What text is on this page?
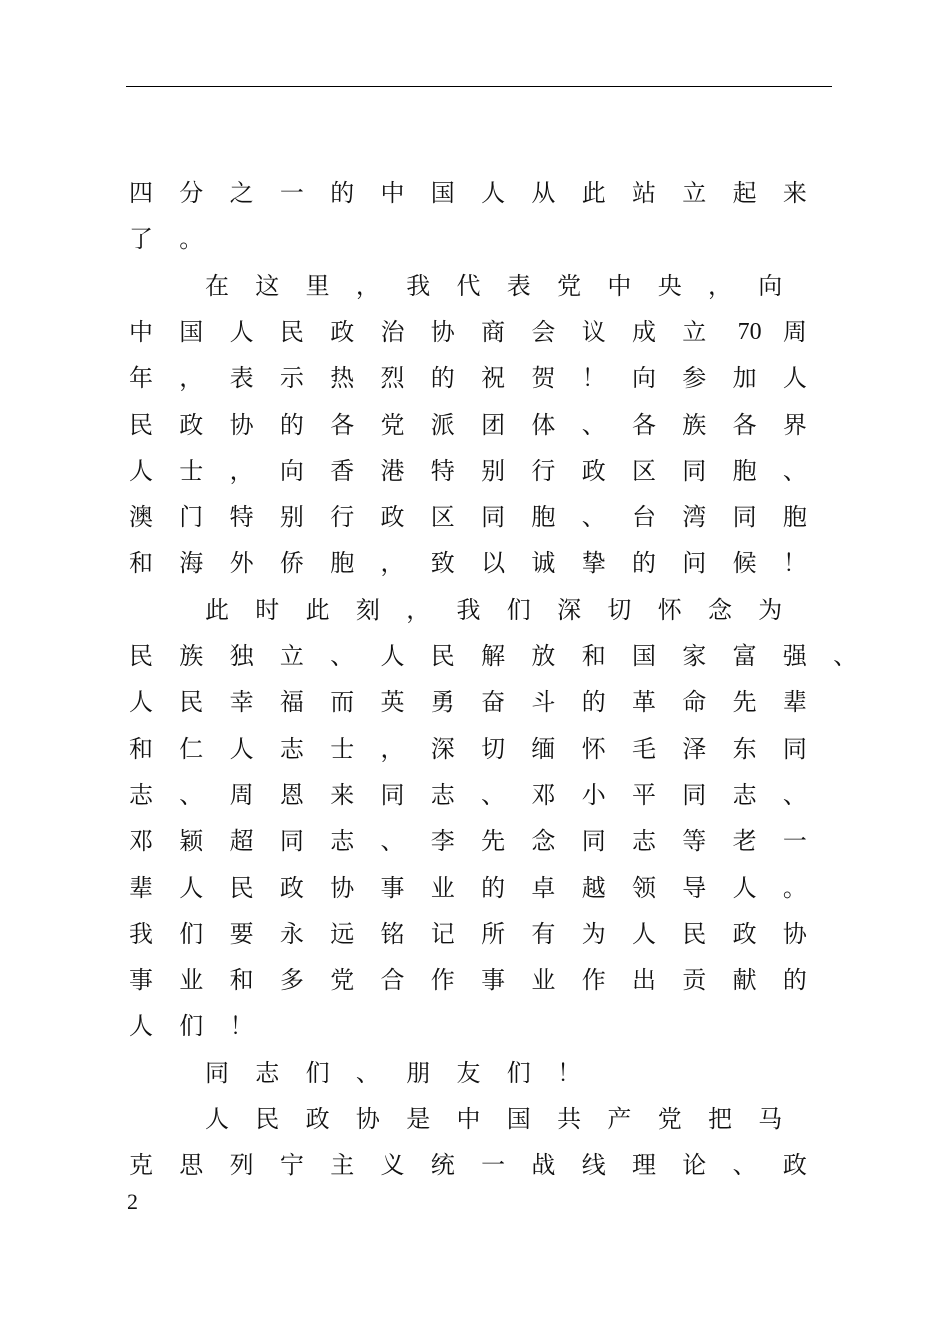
四 分 之 一 的 中 国 人 从 此 站 立 起 来
了 。
在 这 里 ， 我 代 表 党 中 央 ， 向
中 国 人 民 政 治 协 商 会 议 成 立	70 周
年 ， 表 示 热 烈 的 祝 贺 ！ 向 参 加 人
民 政 协 的 各 党 派 团 体 、 各 族 各 界
人 士 ， 向 香 港 特 别 行 政 区 同 胞 、
澳 门 特 别 行 政 区 同 胞 、 台 湾 同 胞
和 海 外 侨 胞 ， 致 以 诚 挚 的 问 候 ！
此 时 此 刻 ， 我 们 深 切 怀 念 为
民 族 独 立 、 人 民 解 放 和 国 家 富 强 、
人 民 幸 福 而 英 勇 奋 斗 的 革 命 先 辈
和 仁 人 志 士 ， 深 切 缅 怀 毛 泽 东 同
志 、 周 恩 来 同 志 、 邓 小 平 同 志 、
邓 颖 超 同 志 、 李 先 念 同 志 等 老 一
辈 人 民 政 协 事 业 的 卓 越 领 导 人 。
我 们 要 永 远 铭 记 所 有 为 人 民 政 协
事 业 和 多 党 合 作 事 业 作 出 贡 献 的
人 们 ！
同 志 们 、 朋 友 们 ！
人 民 政 协 是 中 国 共 产 党 把 马
克 思 列 宁 主 义 统 一 战 线 理 论 、 政
2
